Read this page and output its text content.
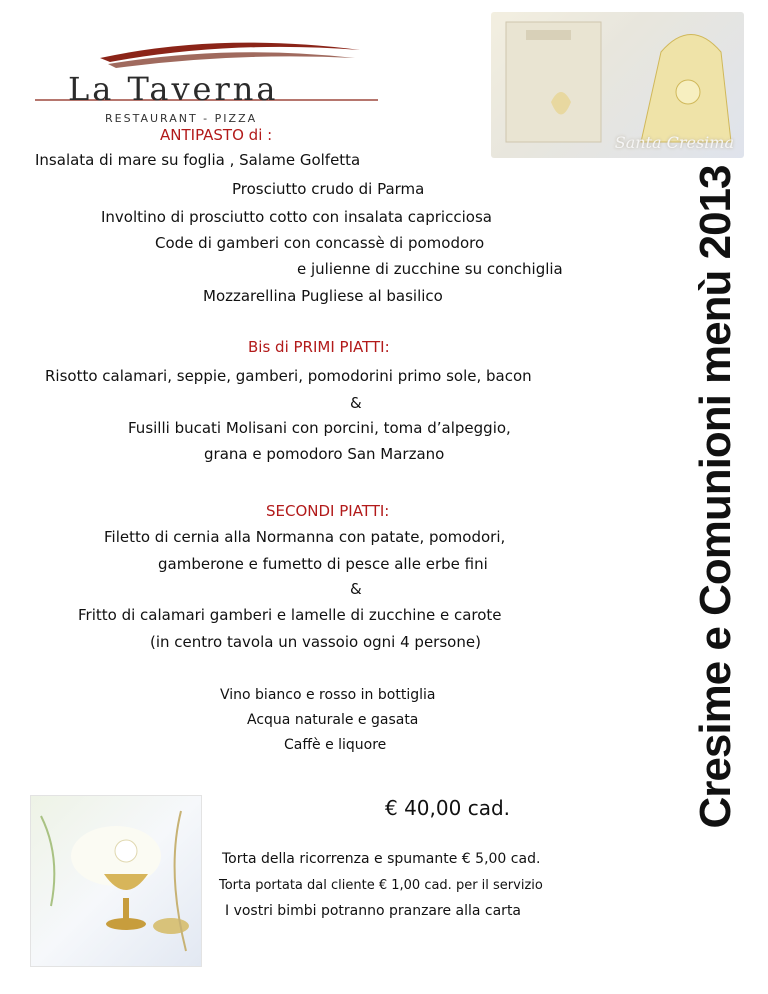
La Taverna
RESTAURANT - PIZZA
Santa Cresima
Cresime e Comunioni menù 2013
ANTIPASTO di :
Insalata di mare su foglia , Salame Golfetta
Prosciutto crudo di Parma
Involtino di prosciutto cotto con insalata capricciosa
Code di gamberi con concassè di pomodoro
e julienne di zucchine su conchiglia
Mozzarellina Pugliese al basilico
Bis di PRIMI PIATTI:
Risotto calamari, seppie, gamberi, pomodorini primo sole, bacon
&
Fusilli bucati Molisani con porcini, toma d’alpeggio,
grana e pomodoro San Marzano
SECONDI PIATTI:
Filetto di cernia alla Normanna con patate, pomodori,
gamberone e fumetto di pesce alle erbe fini
&
Fritto di calamari gamberi e lamelle di zucchine e carote
(in centro tavola un vassoio ogni 4 persone)
Vino bianco e rosso in bottiglia
Acqua naturale e gasata
Caffè e liquore
€ 40,00 cad.
Torta della ricorrenza e spumante € 5,00 cad.
Torta portata dal cliente € 1,00 cad. per il servizio
I vostri bimbi potranno pranzare alla carta
